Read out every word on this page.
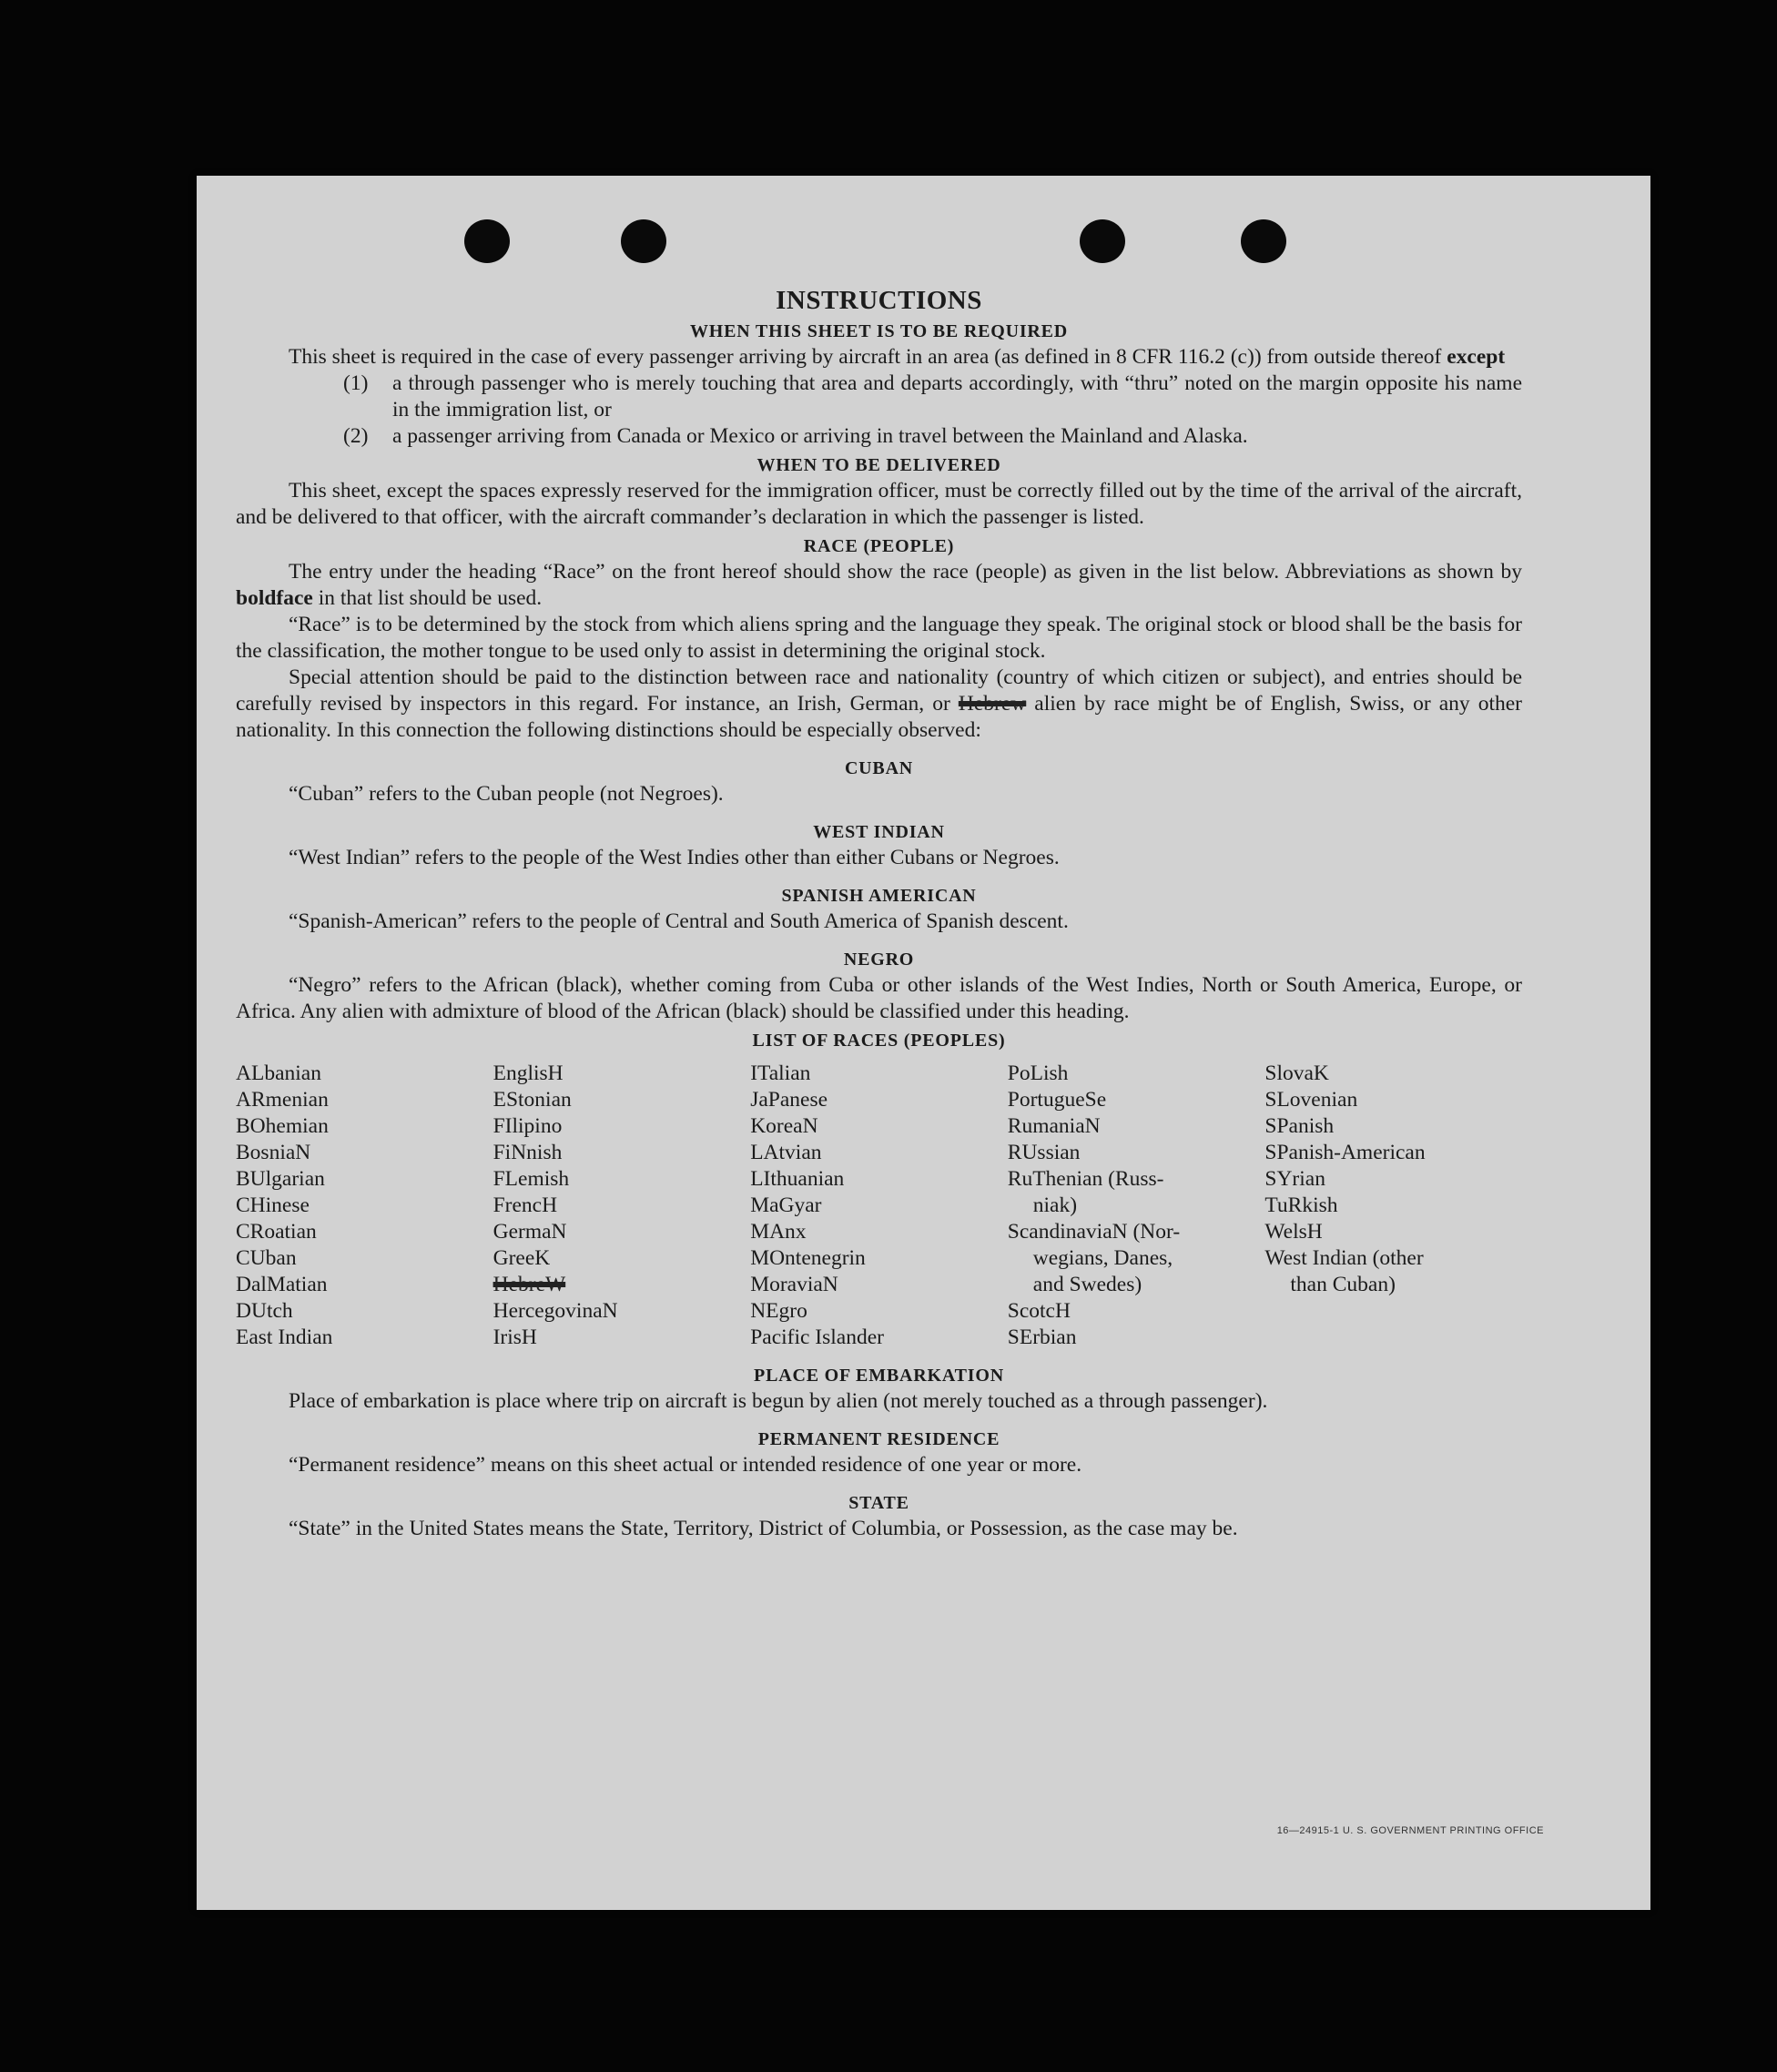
INSTRUCTIONS
WHEN THIS SHEET IS TO BE REQUIRED

This sheet is required in the case of every passenger arriving by aircraft in an area (as defined in 8 CFR 116.2 (c)) from outside thereof except

(1)	a through passenger who is merely touching that area and departs accordingly, with “thru” noted on the margin opposite his name in the immigration list, or
(2)	a passenger arriving from Canada or Mexico or arriving in travel between the Mainland and Alaska.
WHEN TO BE DELIVERED

This sheet, except the spaces expressly reserved for the immigration officer, must be correctly filled out by the time of the arrival of the aircraft, and be delivered to that officer, with the aircraft commander’s declaration in which the passenger is listed.

RACE (PEOPLE)

The entry under the heading “Race” on the front hereof should show the race (people) as given in the list below. Abbreviations as shown by boldface in that list should be used.

“Race” is to be determined by the stock from which aliens spring and the language they speak. The original stock or blood shall be the basis for the classification, the mother tongue to be used only to assist in determining the original stock.

Special attention should be paid to the distinction between race and nationality (country of which citizen or subject), and entries should be carefully revised by inspectors in this regard. For instance, an Irish, German, or Hebrew alien by race might be of English, Swiss, or any other nationality. In this connection the following distinctions should be especially observed:

CUBAN

“Cuban” refers to the Cuban people (not Negroes).

WEST INDIAN

“West Indian” refers to the people of the West Indies other than either Cubans or Negroes.

SPANISH AMERICAN

“Spanish-American” refers to the people of Central and South America of Spanish descent.

NEGRO

“Negro” refers to the African (black), whether coming from Cuba or other islands of the West Indies, North or South America, Europe, or Africa. Any alien with admixture of blood of the African (black) should be classified under this heading.

LIST OF RACES (PEOPLES)
ALbanian
ARmenian
BOhemian
BosniaN
BUlgarian
CHinese
CRoatian
CUban
DalMatian
DUtch
East Indian
EnglisH
EStonian
FIlipino
FiNnish
FLemish
FrencH
GermaN
GreeK
HebreW
HercegovinaN
IrisH
ITalian
JaPanese
KoreaN
LAtvian
LIthuanian
MaGyar
MAnx
MOntenegrin
MoraviaN
NEgro
Pacific Islander
PoLish
PortugueSe
RumaniaN
RUssian
RuThenian (Russ-
niak)
ScandinaviaN (Nor-
wegians, Danes,
and Swedes)
ScotcH
SErbian
SlovaK
SLovenian
SPanish
SPanish-American
SYrian
TuRkish
WelsH
West Indian (other
than Cuban)
PLACE OF EMBARKATION

Place of embarkation is place where trip on aircraft is begun by alien (not merely touched as a through passenger).

PERMANENT RESIDENCE

“Permanent residence” means on this sheet actual or intended residence of one year or more.

STATE

“State” in the United States means the State, Territory, District of Columbia, or Possession, as the case may be.

16—24915-1 U. S. GOVERNMENT PRINTING OFFICE
